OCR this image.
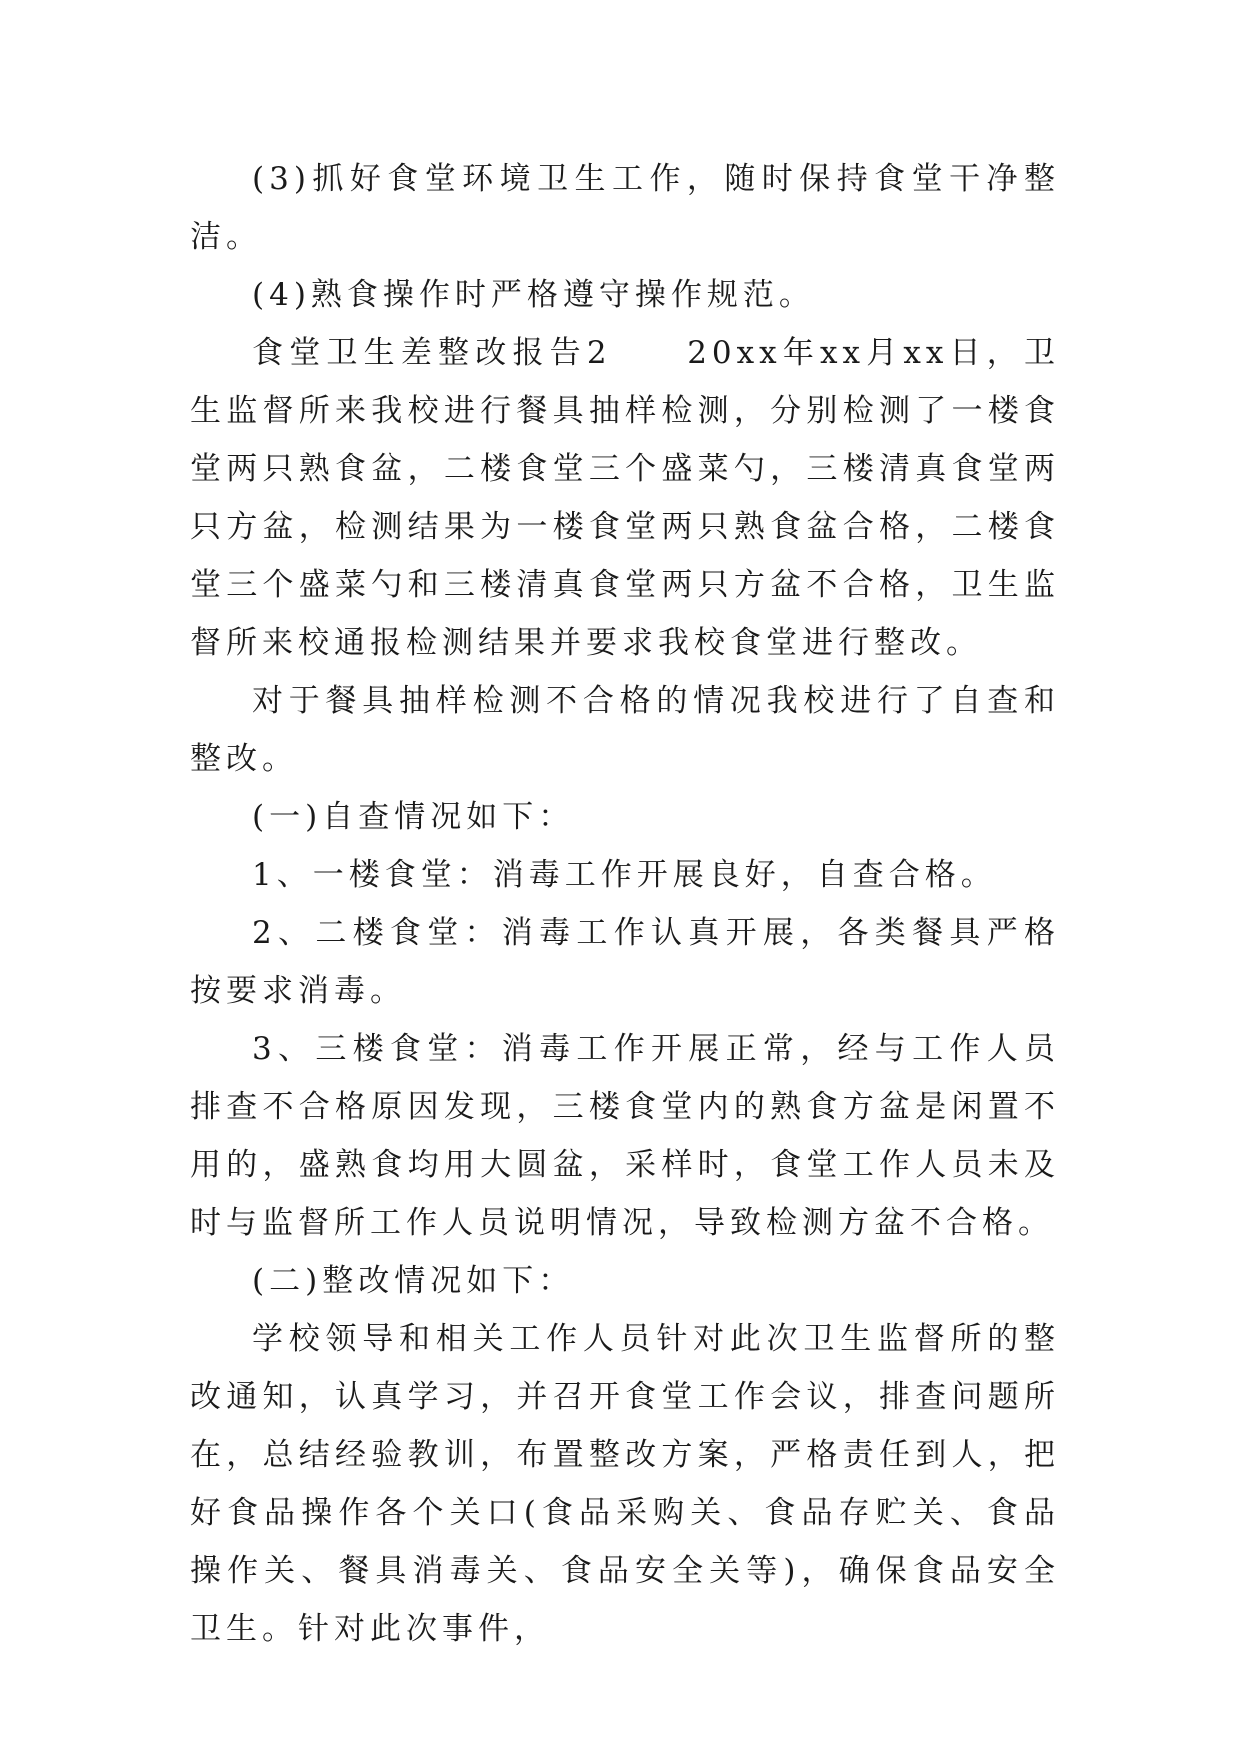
(3)抓好食堂环境卫生工作，随时保持食堂干净整洁。

(4)熟食操作时严格遵守操作规范。

食堂卫生差整改报告2　　20xx年xx月xx日，卫生监督所来我校进行餐具抽样检测，分别检测了一楼食堂两只熟食盆，二楼食堂三个盛菜勺，三楼清真食堂两只方盆，检测结果为一楼食堂两只熟食盆合格，二楼食堂三个盛菜勺和三楼清真食堂两只方盆不合格，卫生监督所来校通报检测结果并要求我校食堂进行整改。

对于餐具抽样检测不合格的情况我校进行了自查和整改。

(一)自查情况如下：

1、一楼食堂：消毒工作开展良好，自查合格。

2、二楼食堂：消毒工作认真开展，各类餐具严格按要求消毒。

3、三楼食堂：消毒工作开展正常，经与工作人员排查不合格原因发现，三楼食堂内的熟食方盆是闲置不用的，盛熟食均用大圆盆，采样时，食堂工作人员未及时与监督所工作人员说明情况，导致检测方盆不合格。

(二)整改情况如下：

学校领导和相关工作人员针对此次卫生监督所的整改通知，认真学习，并召开食堂工作会议，排查问题所在，总结经验教训，布置整改方案，严格责任到人，把好食品操作各个关口(食品采购关、食品存贮关、食品操作关、餐具消毒关、食品安全关等)，确保食品安全卫生。针对此次事件，
